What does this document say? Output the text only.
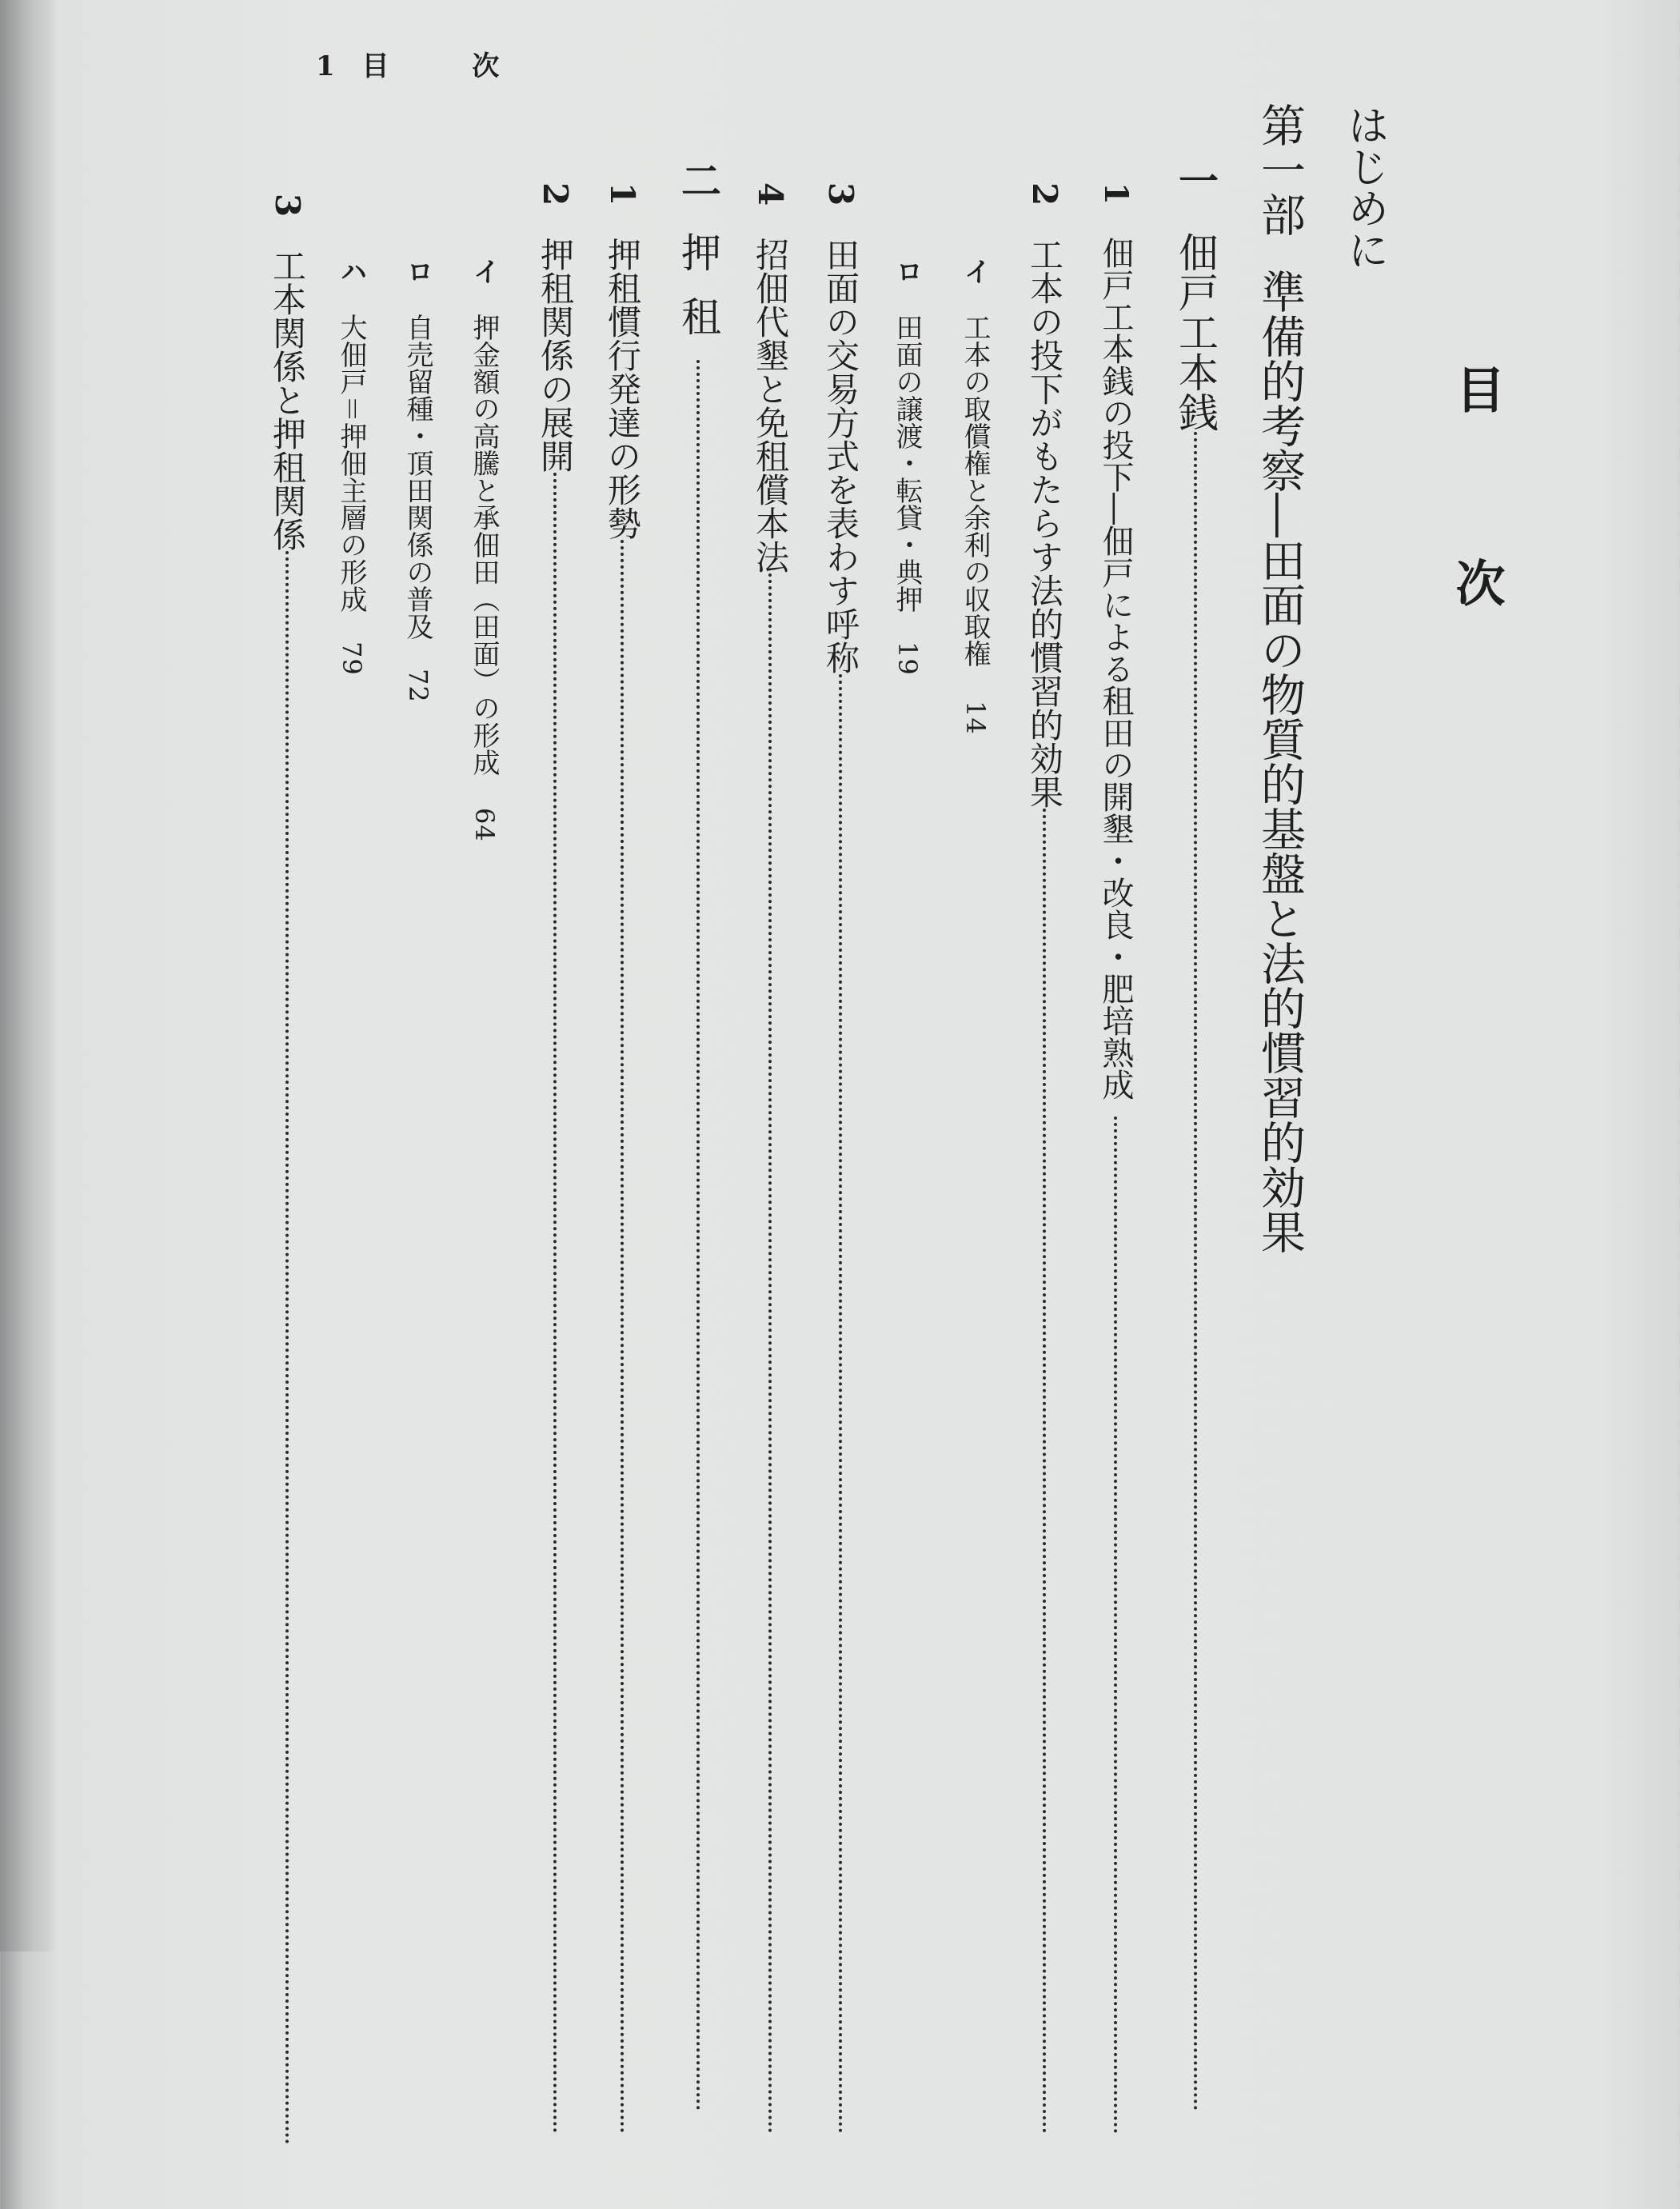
1 目	次
目次
はじめに
第一部
準備的考察―田面の物質的基盤と法的慣習的効果
一
佃戸工本銭
1
佃戸工本銭の投下―佃戸による租田の開墾・改良・肥培熟成
2
工本の投下がもたらす法的慣習的効果
イ
工本の取償権と余利の収取権
14
ロ
田面の譲渡・転貸・典押
19
3
田面の交易方式を表わす呼称
4
招佃代墾と免租償本法
二
押租
1
押租慣行発達の形勢
2
押租関係の展開
イ
押金額の高騰と承佃田（田面）の形成
64
ロ
自売留種・頂田関係の普及
72
ハ
大佃戸＝押佃主層の形成
79
3
工本関係と押租関係
